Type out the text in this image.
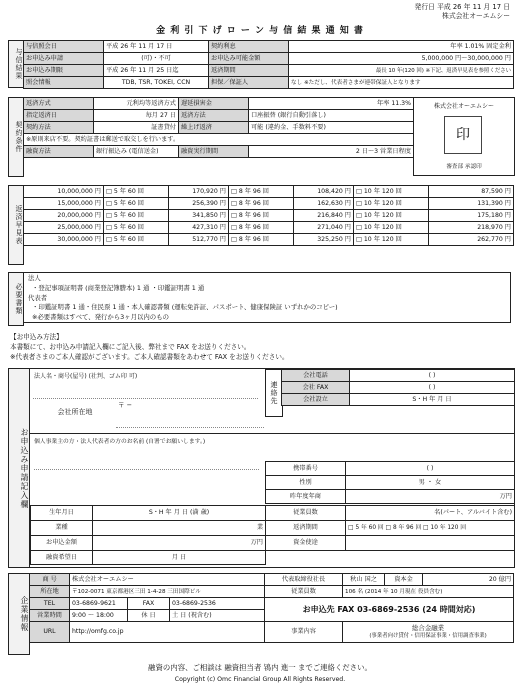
発行日 平成 26 年 11 月 17 日
株式会社オーエムシー
金 利 引 下 げ ロ ー ン 与 信 結 果 通 知 書
与信結果
与信照会日	平成 26 年 11 月 17 日	契約利息	年率 1.01% 固定金利
お申込み申請	(可)・不可	お申込み可能金額	5,000,000 円〜30,000,000 円
お申込み期限	平成 26 年 11 月 25 日迄	返済期間	最長 10 年(120 回) ※下記、返済早見表を参照ください
照会情報	TDB, TSR, TOKEI, CCN	担保／保証人	なし ※ただし、代表者さまが連帯保証人となります
契約条件
返済方式	元利均等返済方式	遅延損害金	年率 11.3%
指定返済日	毎月 27 日	返済方法	口座振替 (銀行自動引落し)
契約方法	証書貸付	繰上げ返済	可能 (違約金、手数料不要)
※原則来店不要。契約証書は郵送で取交しを行います。			
融資方法	銀行振込み (電信送金)	融資実行期間	2 日〜3 営業日程度
株式会社オーエムシー
印
審査部 承認印
返済早見表
10,000,000 円	□ 5 年 60 回	170,920 円	□ 8 年 96 回	108,420 円	□ 10 年 120 回	87,590 円
15,000,000 円	□ 5 年 60 回	256,390 円	□ 8 年 96 回	162,630 円	□ 10 年 120 回	131,390 円
20,000,000 円	□ 5 年 60 回	341,850 円	□ 8 年 96 回	216,840 円	□ 10 年 120 回	175,180 円
25,000,000 円	□ 5 年 60 回	427,310 円	□ 8 年 96 回	271,040 円	□ 10 年 120 回	218,970 円
30,000,000 円	□ 5 年 60 回	512,770 円	□ 8 年 96 回	325,250 円	□ 10 年 120 回	262,770 円
必要書類
法人
・登記事項証明書 (商業登記簿謄本) 1 通 ・印鑑証明書 1 通
代表者
・印鑑証明書 1 通・住民票 1 通・本人確認書類 (運転免許証、パスポート、健康保険証 いずれかのコピー)
※必要書類はすべて、発行から3ヶ月以内のもの
【お申込み方法】
本書類にて、お申込み申請記入欄にご記入後、弊社まで FAX をお送りください。
※代表者さまのご本人確認がございます。ご本人確認書類をあわせて FAX をお送りください。
お申込み申請記入欄
法人名・商号(屋号) (社判、ゴム印 可)
連絡先
会社電話	( )
会社 FAX	( )
会社設立	S・H 年 月 日
会社所在地
〒 −
個人事業主の方・法人代表者の方のお名前 (自署でお願いします。)
携帯番号	( )
性別	男 ・ 女
昨年度年商	万円
生年月日	S・H 年 月 日 (満 歳)
業種	業
お申込金額	万円
融資希望日	月 日
従業員数	名(パート、アルバイト含む)
返済期間	□ 5 年 60 回 □ 8 年 96 回 □ 10 年 120 回
資金使途	
企業情報
商 号	株式会社オーエムシー			代表取締役社長	秋山 国之	資本金	20 億円
所在地	〒102-0071 東京都港区三田 1-4-28 三田国際ビル			従業員数	106 名 (2014 年 10 月現在 役員含む)		
TEL	03-6869-9621	FAX	03-6869-2536	お申込先 FAX 03-6869-2536 (24 時間対応)			
営業時間	9:00 〜 18:00	休 日	土 日 (祝含む)				
URL	http://omfg.co.jp			事業内容	総合金融業
(事業者向け貸付・信用保証事業・信用調査事業)		
融資の内容、ご相談は 融資担当者 鴇内 進一 までご連絡ください。
Copyright (c) Omc Financial Group All Rights Reserved.
